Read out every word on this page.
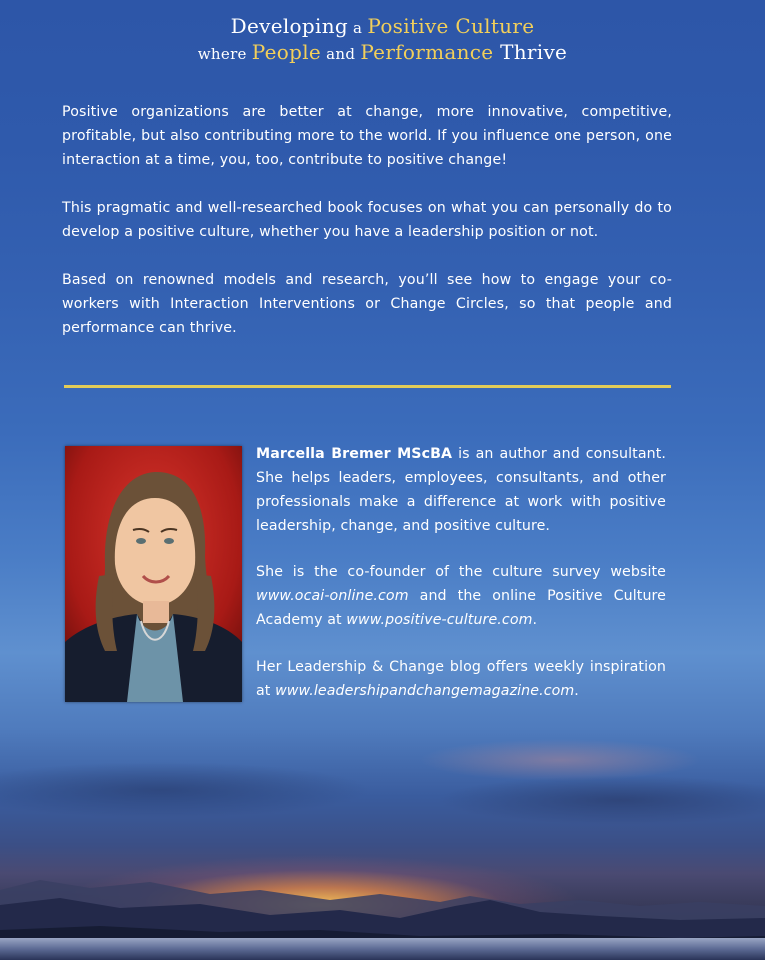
Developing a Positive Culture
where People and Performance Thrive

Positive organizations are better at change, more innovative, competitive, profitable, but also contributing more to the world. If you influence one person, one interaction at a time, you, too, contribute to positive change!

This pragmatic and well-researched book focuses on what you can personally do to develop a positive culture, whether you have a leadership position or not.

Based on renowned models and research, you’ll see how to engage your co-workers with Interaction Interventions or Change Circles, so that people and performance can thrive.

Marcella Bremer MScBA is an author and consultant. She helps leaders, employees, consultants, and other professionals make a difference at work with positive leadership, change, and positive culture.

She is the co-founder of the culture survey website www.ocai-online.com and the online Positive Culture Academy at www.positive-culture.com.

Her Leadership & Change blog offers weekly inspiration at www.leadershipandchangemagazine.com.
